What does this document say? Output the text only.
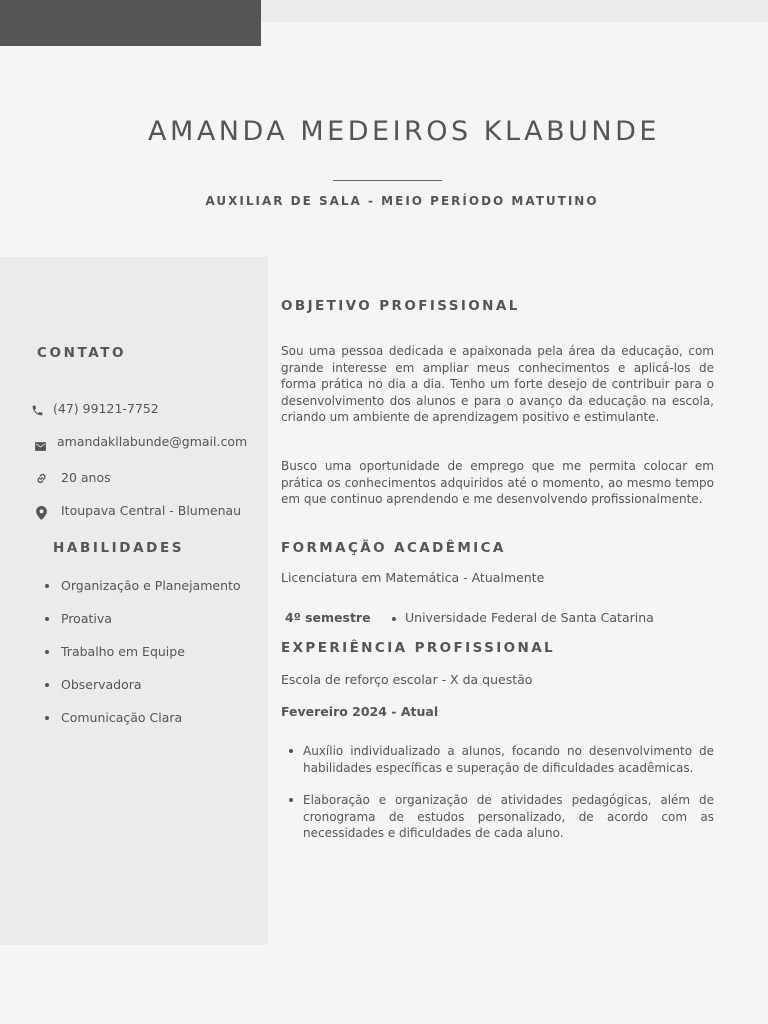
AMANDA MEDEIROS KLABUNDE
AUXILIAR DE SALA - MEIO PERÍODO MATUTINO
CONTATO
(47) 99121-7752
amandakllabunde@gmail.com
20 anos
Itoupava Central - Blumenau
HABILIDADES
Organização e Planejamento
Proativa
Trabalho em Equipe
Observadora
Comunicação Clara
OBJETIVO PROFISSIONAL

Sou uma pessoa dedicada e apaixonada pela área da educação, com grande interesse em ampliar meus conhecimentos e aplicá-los de forma prática no dia a dia. Tenho um forte desejo de contribuir para o desenvolvimento dos alunos e para o avanço da educação na escola, criando um ambiente de aprendizagem positivo e estimulante.

Busco uma oportunidade de emprego que me permita colocar em prática os conhecimentos adquiridos até o momento, ao mesmo tempo em que continuo aprendendo e me desenvolvendo profissionalmente.

FORMAÇÃO ACADÊMICA
Licenciatura em Matemática - Atualmente
4º semestre	Universidade Federal de Santa Catarina
EXPERIÊNCIA PROFISSIONAL
Escola de reforço escolar - X da questão
Fevereiro 2024 - Atual

Auxílio individualizado a alunos, focando no desenvolvimento de habilidades específicas e superação de dificuldades acadêmicas.

Elaboração e organização de atividades pedagógicas, além de cronograma de estudos personalizado, de acordo com as necessidades e dificuldades de cada aluno.
